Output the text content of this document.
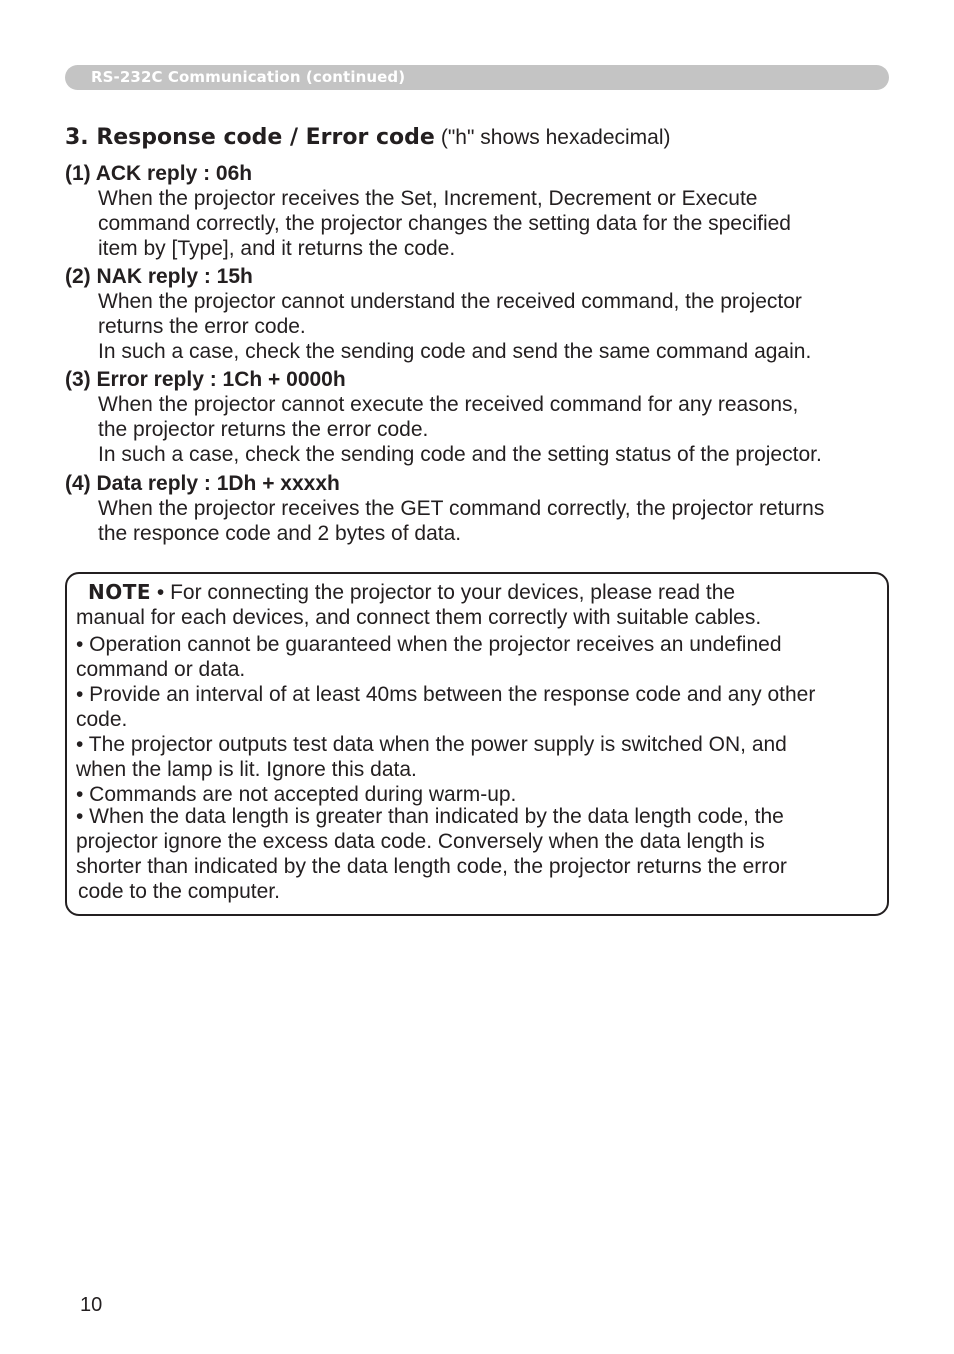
RS-232C Communication (continued)
3. Response code / Error code ("h" shows hexadecimal)
(1) ACK reply : 06h
When the projector receives the Set, Increment, Decrement or Execute
command correctly, the projector changes the setting data for the specified
item by [Type], and it returns the code.
(2) NAK reply : 15h
When the projector cannot understand the received command, the projector
returns the error code.
In such a case, check the sending code and send the same command again.
(3) Error reply : 1Ch + 0000h
When the projector cannot execute the received command for any reasons,
the projector returns the error code.
In such a case, check the sending code and the setting status of the projector.
(4) Data reply : 1Dh + xxxxh
When the projector receives the GET command correctly, the projector returns
the responce code and 2 bytes of data.
NOTE • For connecting the projector to your devices, please read the
manual for each devices, and connect them correctly with suitable cables.
• Operation cannot be guaranteed when the projector receives an undefined
command or data.
• Provide an interval of at least 40ms between the response code and any other
code.
• The projector outputs test data when the power supply is switched ON, and
when the lamp is lit. Ignore this data.
• Commands are not accepted during warm-up.
• When the data length is greater than indicated by the data length code, the
projector ignore the excess data code. Conversely when the data length is
shorter than indicated by the data length code, the projector returns the error
code to the computer.
10
